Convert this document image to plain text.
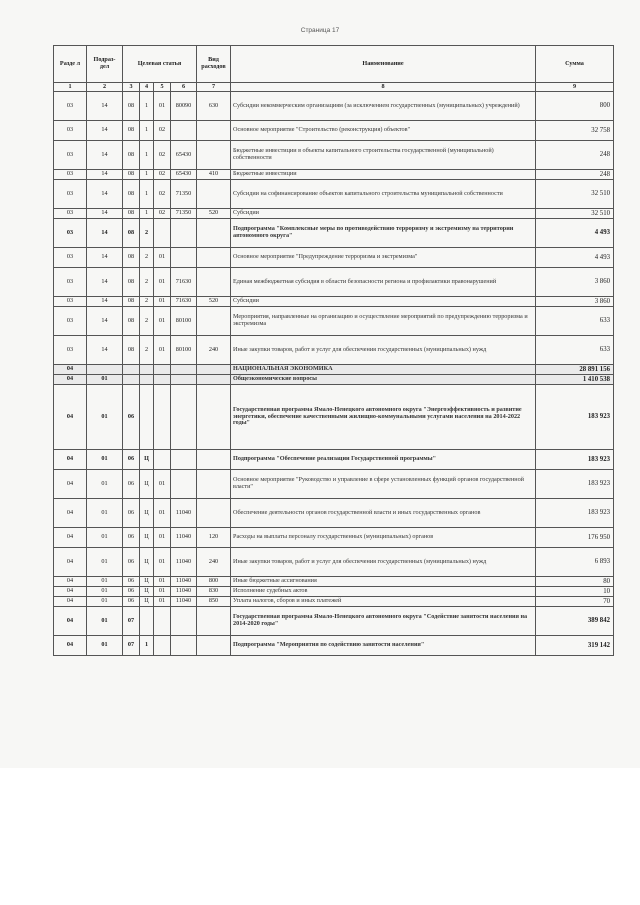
Страница 17
Разде л	Подраз- дел	Целевая статья				Вид расходов	Наименование	Сумма
1	2	3	4	5	6	7	8	9
03	14	08	1	01	80090	630	Субсидии некоммерческим организациям (за исключением государственных (муниципальных) учреждений)	800
03	14	08	1	02			Основное мероприятие "Строительство (реконструкция) объектов"	32 758
03	14	08	1	02	65430		Бюджетные инвестиции в объекты капитального строительства государственной (муниципальной) собственности	248
03	14	08	1	02	65430	410	Бюджетные инвестиции	248
03	14	08	1	02	71350		Субсидии на софинансирование объектов капитального строительства муниципальной собственности	32 510
03	14	08	1	02	71350	520	Субсидии	32 510
03	14	08	2				Подпрограмма "Комплексные меры по противодействию терроризму и экстремизму на территории автономного округа"	4 493
03	14	08	2	01			Основное мероприятие "Предупреждение терроризма и экстремизма"	4 493
03	14	08	2	01	71630		Единая межбюджетная субсидия в области безопасности региона и профилактики правонарушений	3 860
03	14	08	2	01	71630	520	Субсидии	3 860
03	14	08	2	01	80100		Мероприятия, направленные на организацию и осуществление мероприятий по предупреждению терроризма и экстремизма	633
03	14	08	2	01	80100	240	Иные закупки товаров, работ и услуг для обеспечения государственных (муниципальных) нужд	633
04							НАЦИОНАЛЬНАЯ ЭКОНОМИКА	28 891 156
04	01						Общеэкономические вопросы	1 410 538
04	01	06					Государственная программа Ямало-Ненецкого автономного округа "Энергоэффективность и развитие энергетики, обеспечение качественными жилищно-коммунальными услугами населения на 2014-2022 годы"	183 923
04	01	06	Ц				Подпрограмма "Обеспечение реализации Государственной программы"	183 923
04	01	06	Ц	01			Основное мероприятие "Руководство и управление в сфере установленных функций органов государственной власти"	183 923
04	01	06	Ц	01	11040		Обеспечение деятельности органов государственной власти и иных государственных органов	183 923
04	01	06	Ц	01	11040	120	Расходы на выплаты персоналу государственных (муниципальных) органов	176 950
04	01	06	Ц	01	11040	240	Иные закупки товаров, работ и услуг для обеспечения государственных (муниципальных) нужд	6 893
04	01	06	Ц	01	11040	800	Иные бюджетные ассигнования	80
04	01	06	Ц	01	11040	830	Исполнение судебных актов	10
04	01	06	Ц	01	11040	850	Уплата налогов, сборов и иных платежей	70
04	01	07					Государственная программа Ямало-Ненецкого автономного округа "Содействие занятости населения на 2014-2020 годы"	389 842
04	01	07	1				Подпрограмма "Мероприятия по содействию занятости населения"	319 142
